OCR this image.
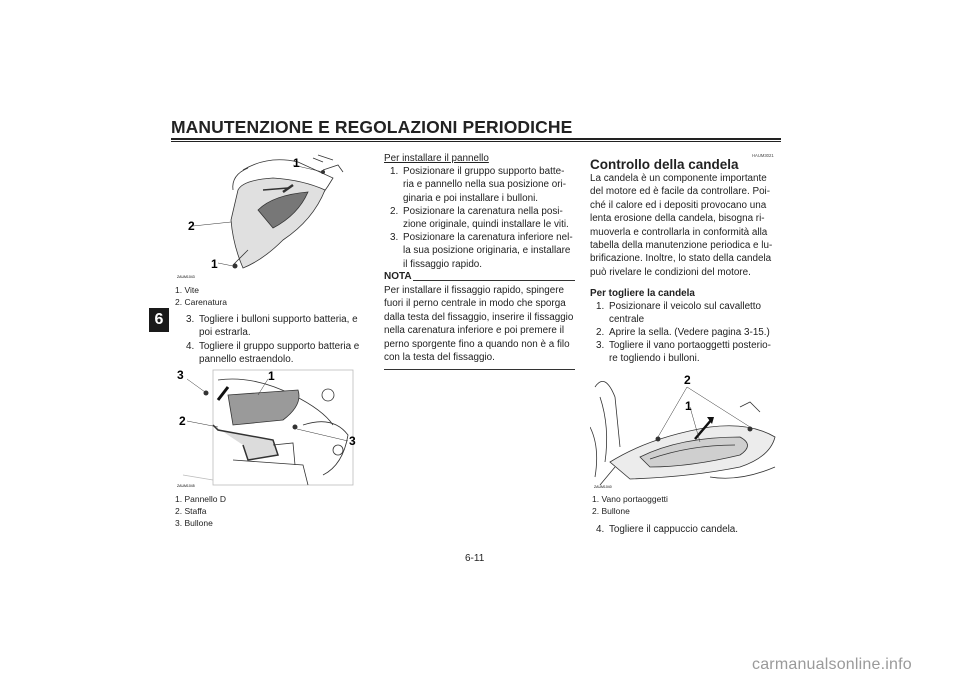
MANUTENZIONE E REGOLAZIONI PERIODICHE
6
1
2
1
ZAUM1043
1. Vite
2. Carenatura
3. Togliere i bulloni supporto batteria, e
poi estrarla.
4. Togliere il gruppo supporto batteria e
pannello estraendolo.
3	1
2
3
ZAUM1045
1. Pannello D
2. Staffa
3. Bullone
Per installare il pannello
1. Posizionare il gruppo supporto batte-
ria e pannello nella sua posizione ori-
ginaria e poi installare i bulloni.
2. Posizionare la carenatura nella posi-
zione originale, quindi installare le viti.
3. Posizionare la carenatura inferiore nel-
la sua posizione originaria, e installare
il fissaggio rapido.
NOTA
Per installare il fissaggio rapido, spingere
fuori il perno centrale in modo che sporga
dalla testa del fissaggio, inserire il fissaggio
nella carenatura inferiore e poi premere il
perno sporgente fino a quando non è a filo
con la testa del fissaggio.
HAUM3021
Controllo della candela
La candela è un componente importante
del motore ed è facile da controllare. Poi-
ché il calore ed i depositi provocano una
lenta erosione della candela, bisogna ri-
muoverla e controllarla in conformità alla
tabella della manutenzione periodica e lu-
brificazione. Inoltre, lo stato della candela
può rivelare le condizioni del motore.
Per togliere la candela
1. Posizionare il veicolo sul cavalletto
centrale
2. Aprire la sella. (Vedere pagina 3-15.)
3. Togliere il vano portaoggetti posterio-
re togliendo i bulloni.
2
1
ZAUM1040
1. Vano portaoggetti
2. Bullone
4. Togliere il cappuccio candela.
6-11
carmanualsonline.info
